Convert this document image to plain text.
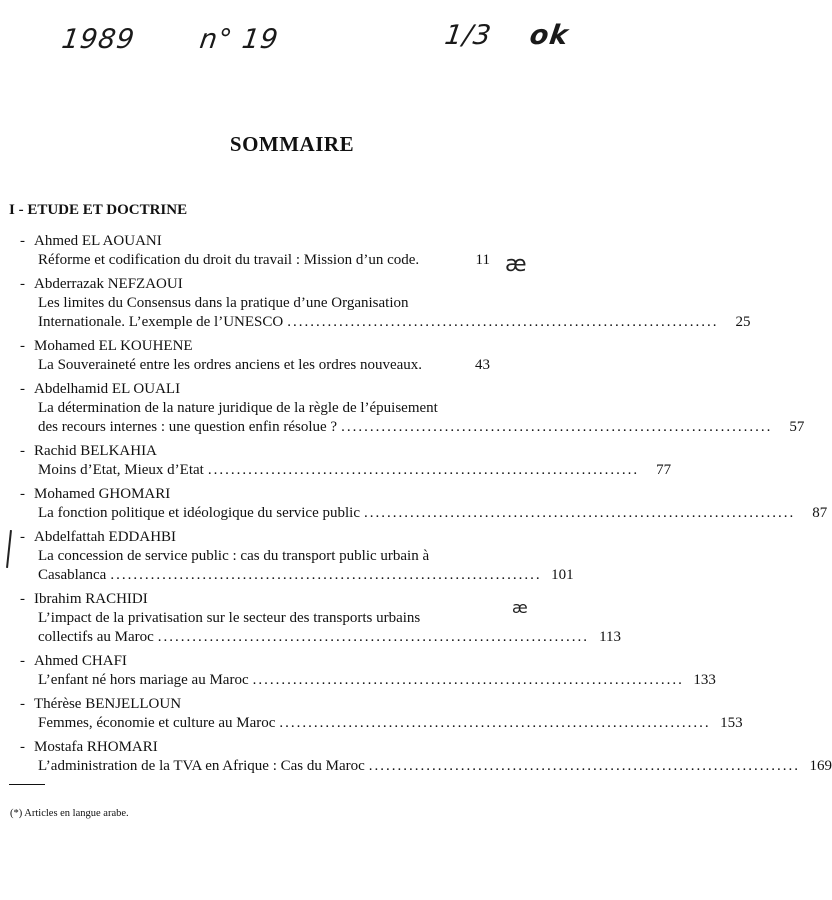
1989 n° 19	1/3 ok
SOMMAIRE
I - ETUDE ET DOCTRINE
- Ahmed EL AOUANI
Réforme et codification du droit du travail : Mission d’un code.	11
- Abderrazak NEFZAOUI
Les limites du Consensus dans la pratique d’une Organisation
Internationale. L’exemple de l’UNESCO ...........................................................................	25
- Mohamed EL KOUHENE
La Souveraineté entre les ordres anciens et les ordres nouveaux.	43
- Abdelhamid EL OUALI
La détermination de la nature juridique de la règle de l’épuisement
des recours internes : une question enfin résolue ? ...........................................................................	57
- Rachid BELKAHIA
Moins d’Etat, Mieux d’Etat ...........................................................................	77
- Mohamed GHOMARI
La fonction politique et idéologique du service public ...........................................................................	87
- Abdelfattah EDDAHBI
La concession de service public : cas du transport public urbain à
Casablanca ........................................................................... 101
- Ibrahim RACHIDI
L’impact de la privatisation sur le secteur des transports urbains
collectifs au Maroc ........................................................................... 113
- Ahmed CHAFI
L’enfant né hors mariage au Maroc ........................................................................... 133
- Thérèse BENJELLOUN
Femmes, économie et culture au Maroc ........................................................................... 153
- Mostafa RHOMARI
L’administration de la TVA en Afrique : Cas du Maroc ........................................................................... 169
æ
æ

(*) Articles en langue arabe.
